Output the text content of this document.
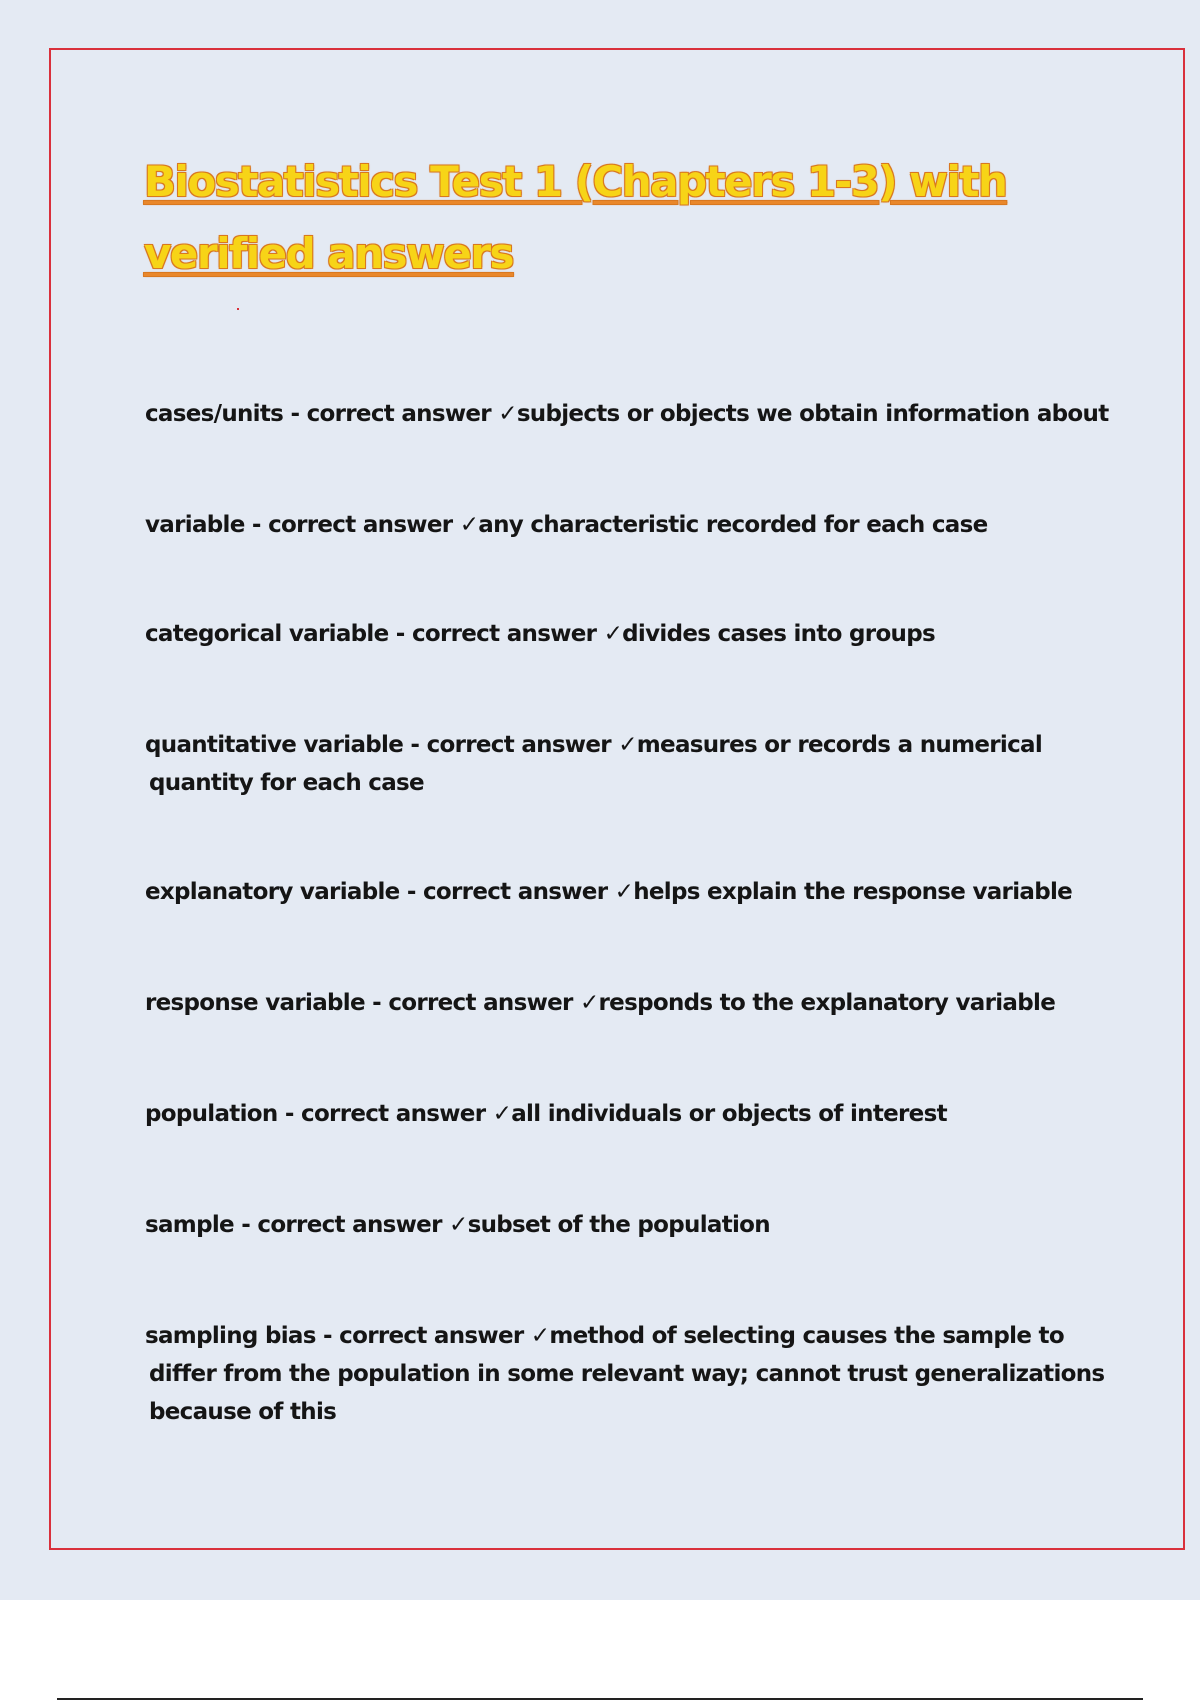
Biostatistics Test 1 (Chapters 1-3) with
verified answers

cases/units - correct answer ✓subjects or objects we obtain information about

variable - correct answer ✓any characteristic recorded for each case

categorical variable - correct answer ✓divides cases into groups

quantitative variable - correct answer ✓measures or records a numerical
quantity for each case

explanatory variable - correct answer ✓helps explain the response variable

response variable - correct answer ✓responds to the explanatory variable

population - correct answer ✓all individuals or objects of interest

sample - correct answer ✓subset of the population

sampling bias - correct answer ✓method of selecting causes the sample to
differ from the population in some relevant way; cannot trust generalizations
because of this
